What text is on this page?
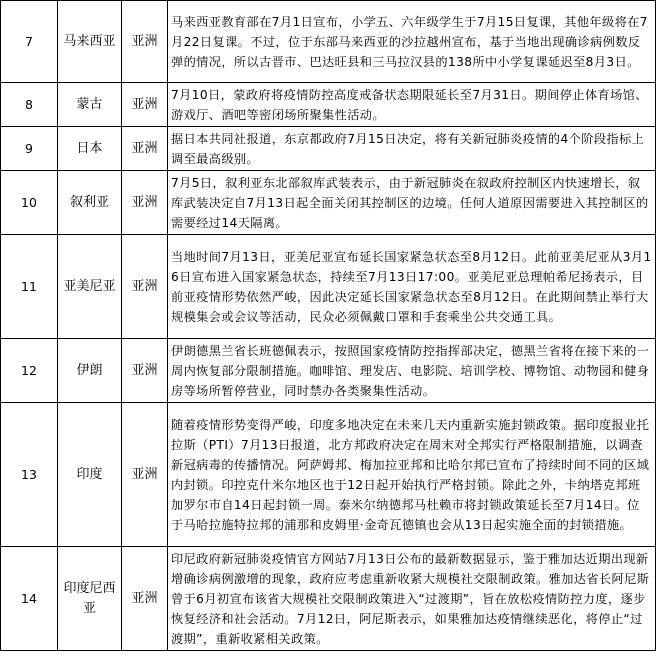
7	马来西亚	亚洲	马来西亚教育部在7月1日宣布，小学五、六年级学生于7月15日复课，其他年级将在7月22日复课。不过，位于东部马来西亚的沙拉越州宣布，基于当地出现确诊病例数反弹的情况，所以古晋市、巴达旺县和三马拉汉县的138所中小学复课延迟至8月3日。
8	蒙古	亚洲	7月10日，蒙政府将疫情防控高度戒备状态期限延长至7月31日。期间停止体育场馆、游戏厅、酒吧等密闭场所聚集性活动。
9	日本	亚洲	据日本共同社报道，东京都政府7月15日决定，将有关新冠肺炎疫情的4个阶段指标上调至最高级别。
10	叙利亚	亚洲	7月5日，叙利亚东北部叙库武装表示，由于新冠肺炎在叙政府控制区内快速增长，叙库武装决定自7月13日起全面关闭其控制区的边境。任何人道原因需要进入其控制区的需要经过14天隔离。
11	亚美尼亚	亚洲	当地时间7月13日，亚美尼亚宣布延长国家紧急状态至8月12日。此前亚美尼亚从3月16日宣布进入国家紧急状态，持续至7月13日17:00。亚美尼亚总理帕希尼扬表示，目前亚疫情形势依然严峻，因此决定延长国家紧急状态至8月12日。在此期间禁止举行大规模集会或会议等活动，民众必须佩戴口罩和手套乘坐公共交通工具。
12	伊朗	亚洲	伊朗德黑兰省长班德佩表示，按照国家疫情防控指挥部决定，德黑兰省将在接下来的一周内恢复部分限制措施。咖啡馆、理发店、电影院、培训学校、博物馆、动物园和健身房等场所暂停营业，同时禁办各类聚集性活动。
13	印度	亚洲	随着疫情形势变得严峻，印度多地决定在未来几天内重新实施封锁政策。据印度报业托拉斯（PTI）7月13日报道，北方邦政府决定在周末对全邦实行严格限制措施，以调查新冠病毒的传播情况。阿萨姆邦、梅加拉亚邦和比哈尔邦已宣布了持续时间不同的区域内封锁。印控克什米尔地区也于12日起开始执行严格封锁。除此之外，卡纳塔克邦班加罗尔市自14日起封锁一周。泰米尔纳德邦马杜赖市将封锁政策延长至7月14日。位于马哈拉施特拉邦的浦那和皮姆里·金奇瓦德镇也会从13日起实施全面的封锁措施。
14	印度尼西亚	亚洲	印尼政府新冠肺炎疫情官方网站7月13日公布的最新数据显示，鉴于雅加达近期出现新增确诊病例激增的现象，政府应考虑重新收紧大规模社交限制政策。雅加达省长阿尼斯曾于6月初宣布该省大规模社交限制政策进入“过渡期”，旨在放松疫情防控力度，逐步恢复经济和社会活动。7月12日，阿尼斯表示，如果雅加达疫情继续恶化，将停止“过渡期”，重新收紧相关政策。
